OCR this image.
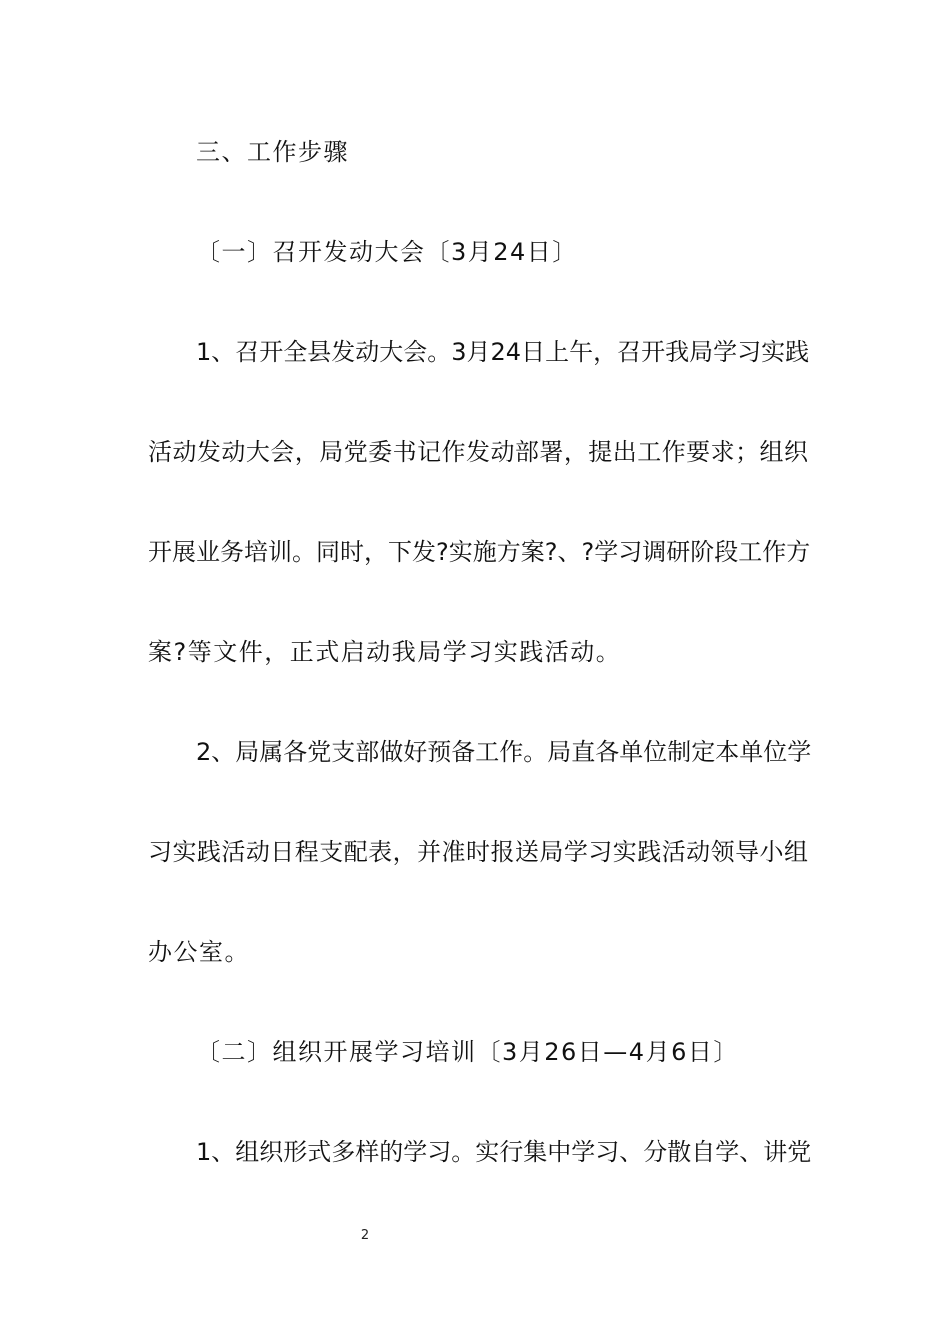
三、工作步骤
〔一〕召开发动大会〔3月24日〕
1、召开全县发动大会。3月24日上午，召开我局学习实践
活动发动大会，局党委书记作发动部署，提出工作要求；组织
开展业务培训。同时，下发?实施方案?、?学习调研阶段工作方
案?等文件，正式启动我局学习实践活动。
2、局属各党支部做好预备工作。局直各单位制定本单位学
习实践活动日程支配表，并准时报送局学习实践活动领导小组
办公室。
〔二〕组织开展学习培训〔3月26日—4月6日〕
1、组织形式多样的学习。实行集中学习、分散自学、讲党
2
